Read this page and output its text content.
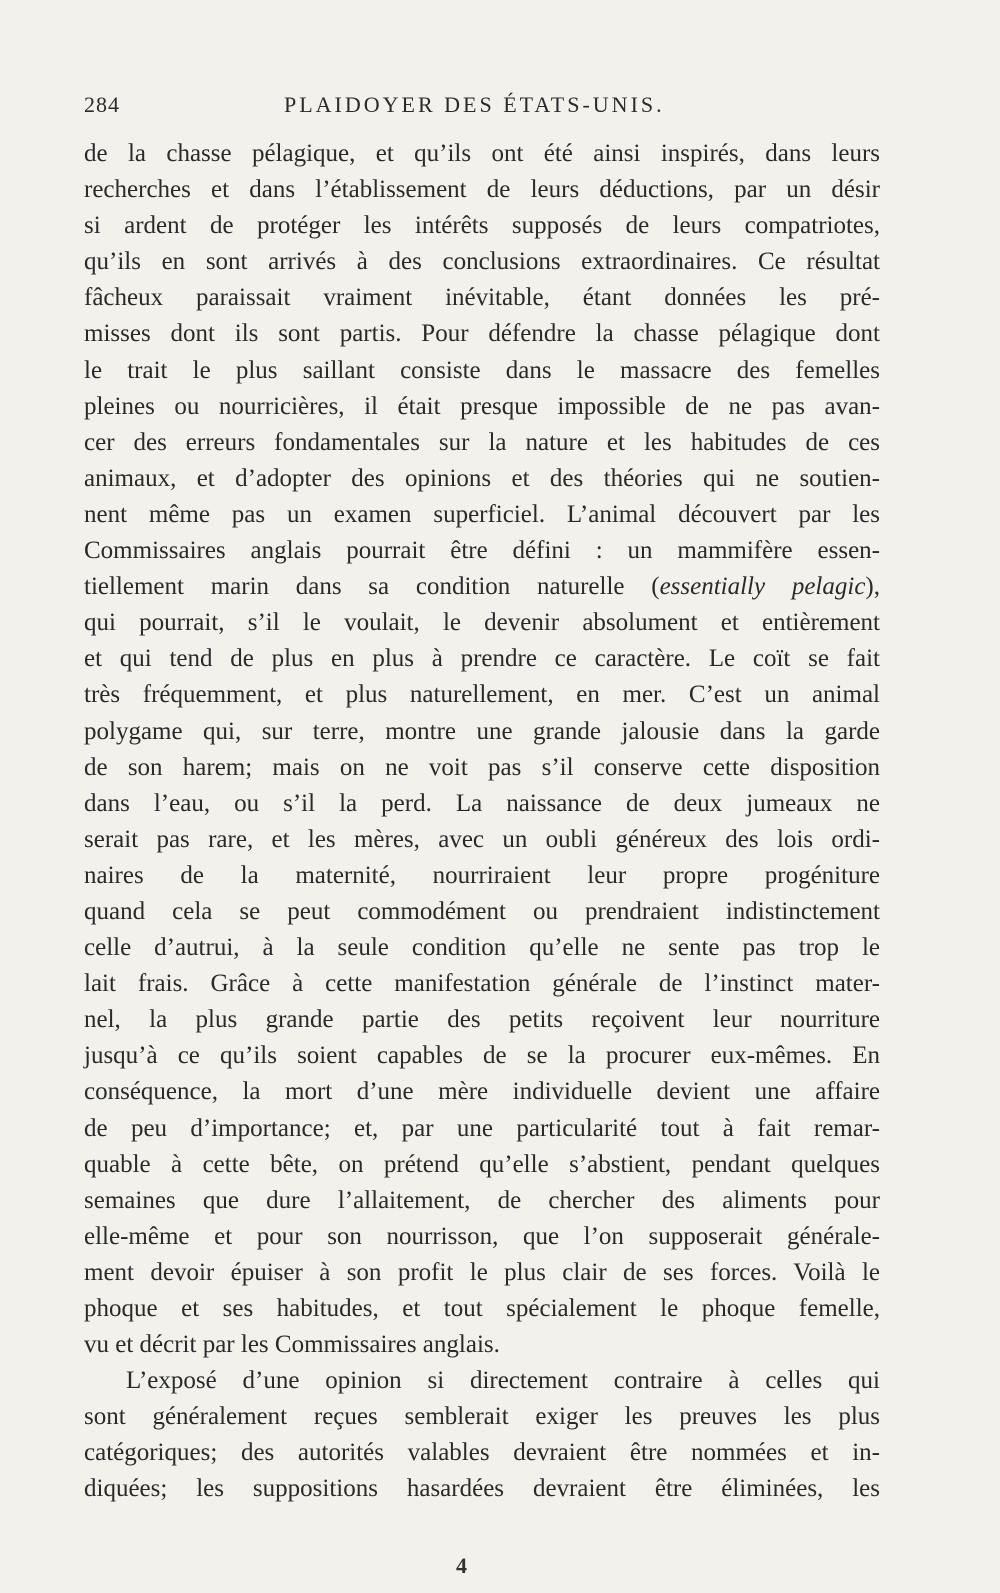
284	PLAIDOYER DES ÉTATS-UNIS.
de la chasse pélagique, et qu’ils ont été ainsi inspirés, dans leurs
recherches et dans l’établissement de leurs déductions, par un désir
si ardent de protéger les intérêts supposés de leurs compatriotes,
qu’ils en sont arrivés à des conclusions extraordinaires. Ce résultat
fâcheux paraissait vraiment inévitable, étant données les pré-
misses dont ils sont partis. Pour défendre la chasse pélagique dont
le trait le plus saillant consiste dans le massacre des femelles
pleines ou nourricières, il était presque impossible de ne pas avan-
cer des erreurs fondamentales sur la nature et les habitudes de ces
animaux, et d’adopter des opinions et des théories qui ne soutien-
nent même pas un examen superficiel. L’animal découvert par les
Commissaires anglais pourrait être défini : un mammifère essen-
tiellement marin dans sa condition naturelle (essentially pelagic),
qui pourrait, s’il le voulait, le devenir absolument et entièrement
et qui tend de plus en plus à prendre ce caractère. Le coït se fait
très fréquemment, et plus naturellement, en mer. C’est un animal
polygame qui, sur terre, montre une grande jalousie dans la garde
de son harem; mais on ne voit pas s’il conserve cette disposition
dans l’eau, ou s’il la perd. La naissance de deux jumeaux ne
serait pas rare, et les mères, avec un oubli généreux des lois ordi-
naires de la maternité, nourriraient leur propre progéniture
quand cela se peut commodément ou prendraient indistinctement
celle d’autrui, à la seule condition qu’elle ne sente pas trop le
lait frais. Grâce à cette manifestation générale de l’instinct mater-
nel, la plus grande partie des petits reçoivent leur nourriture
jusqu’à ce qu’ils soient capables de se la procurer eux-mêmes. En
conséquence, la mort d’une mère individuelle devient une affaire
de peu d’importance; et, par une particularité tout à fait remar-
quable à cette bête, on prétend qu’elle s’abstient, pendant quelques
semaines que dure l’allaitement, de chercher des aliments pour
elle-même et pour son nourrisson, que l’on supposerait générale-
ment devoir épuiser à son profit le plus clair de ses forces. Voilà le
phoque et ses habitudes, et tout spécialement le phoque femelle,
vu et décrit par les Commissaires anglais.
L’exposé d’une opinion si directement contraire à celles qui
sont généralement reçues semblerait exiger les preuves les plus
catégoriques; des autorités valables devraient être nommées et in-
diquées; les suppositions hasardées devraient être éliminées, les
4
